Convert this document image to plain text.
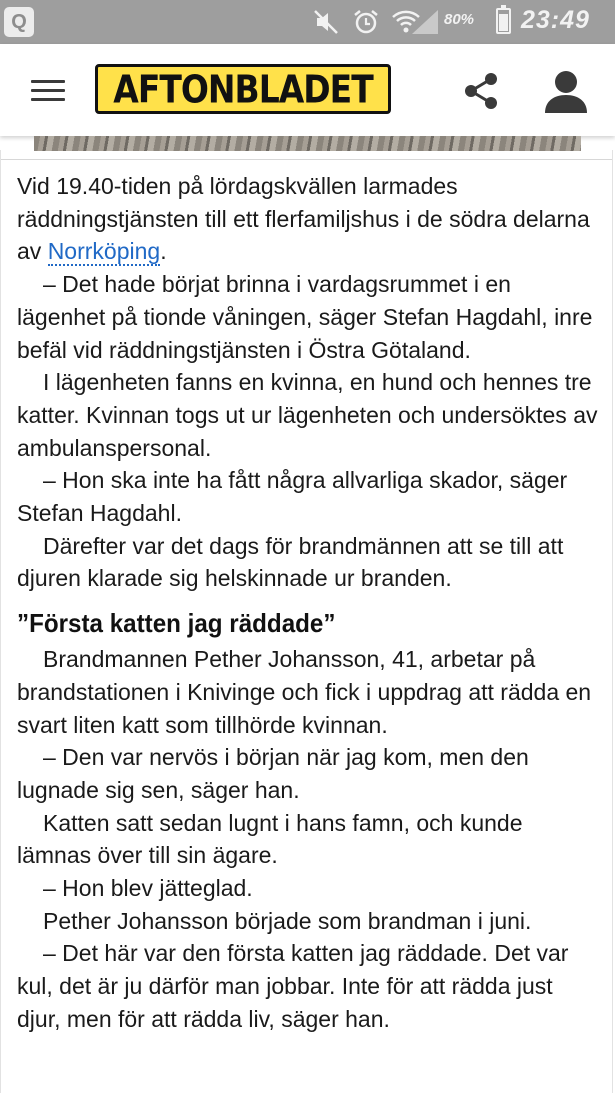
Q	80% 23:49
AFTONBLADET

Vid 19.40-tiden på lördagskvällen larmades räddningstjänsten till ett flerfamiljshus i de södra delarna av Norrköping.

– Det hade börjat brinna i vardagsrummet i en lägenhet på tionde våningen, säger Stefan Hagdahl, inre befäl vid räddningstjänsten i Östra Götaland.

I lägenheten fanns en kvinna, en hund och hennes tre katter. Kvinnan togs ut ur lägenheten och undersöktes av ambulanspersonal.

– Hon ska inte ha fått några allvarliga skador, säger Stefan Hagdahl.

Därefter var det dags för brandmännen att se till att djuren klarade sig helskinnade ur branden.

”Första katten jag räddade”

Brandmannen Pether Johansson, 41, arbetar på brandstationen i Knivinge och fick i uppdrag att rädda en svart liten katt som tillhörde kvinnan.

– Den var nervös i början när jag kom, men den lugnade sig sen, säger han.

Katten satt sedan lugnt i hans famn, och kunde lämnas över till sin ägare.

– Hon blev jätteglad.

Pether Johansson började som brandman i juni.

– Det här var den första katten jag räddade. Det var kul, det är ju därför man jobbar. Inte för att rädda just djur, men för att rädda liv, säger han.
